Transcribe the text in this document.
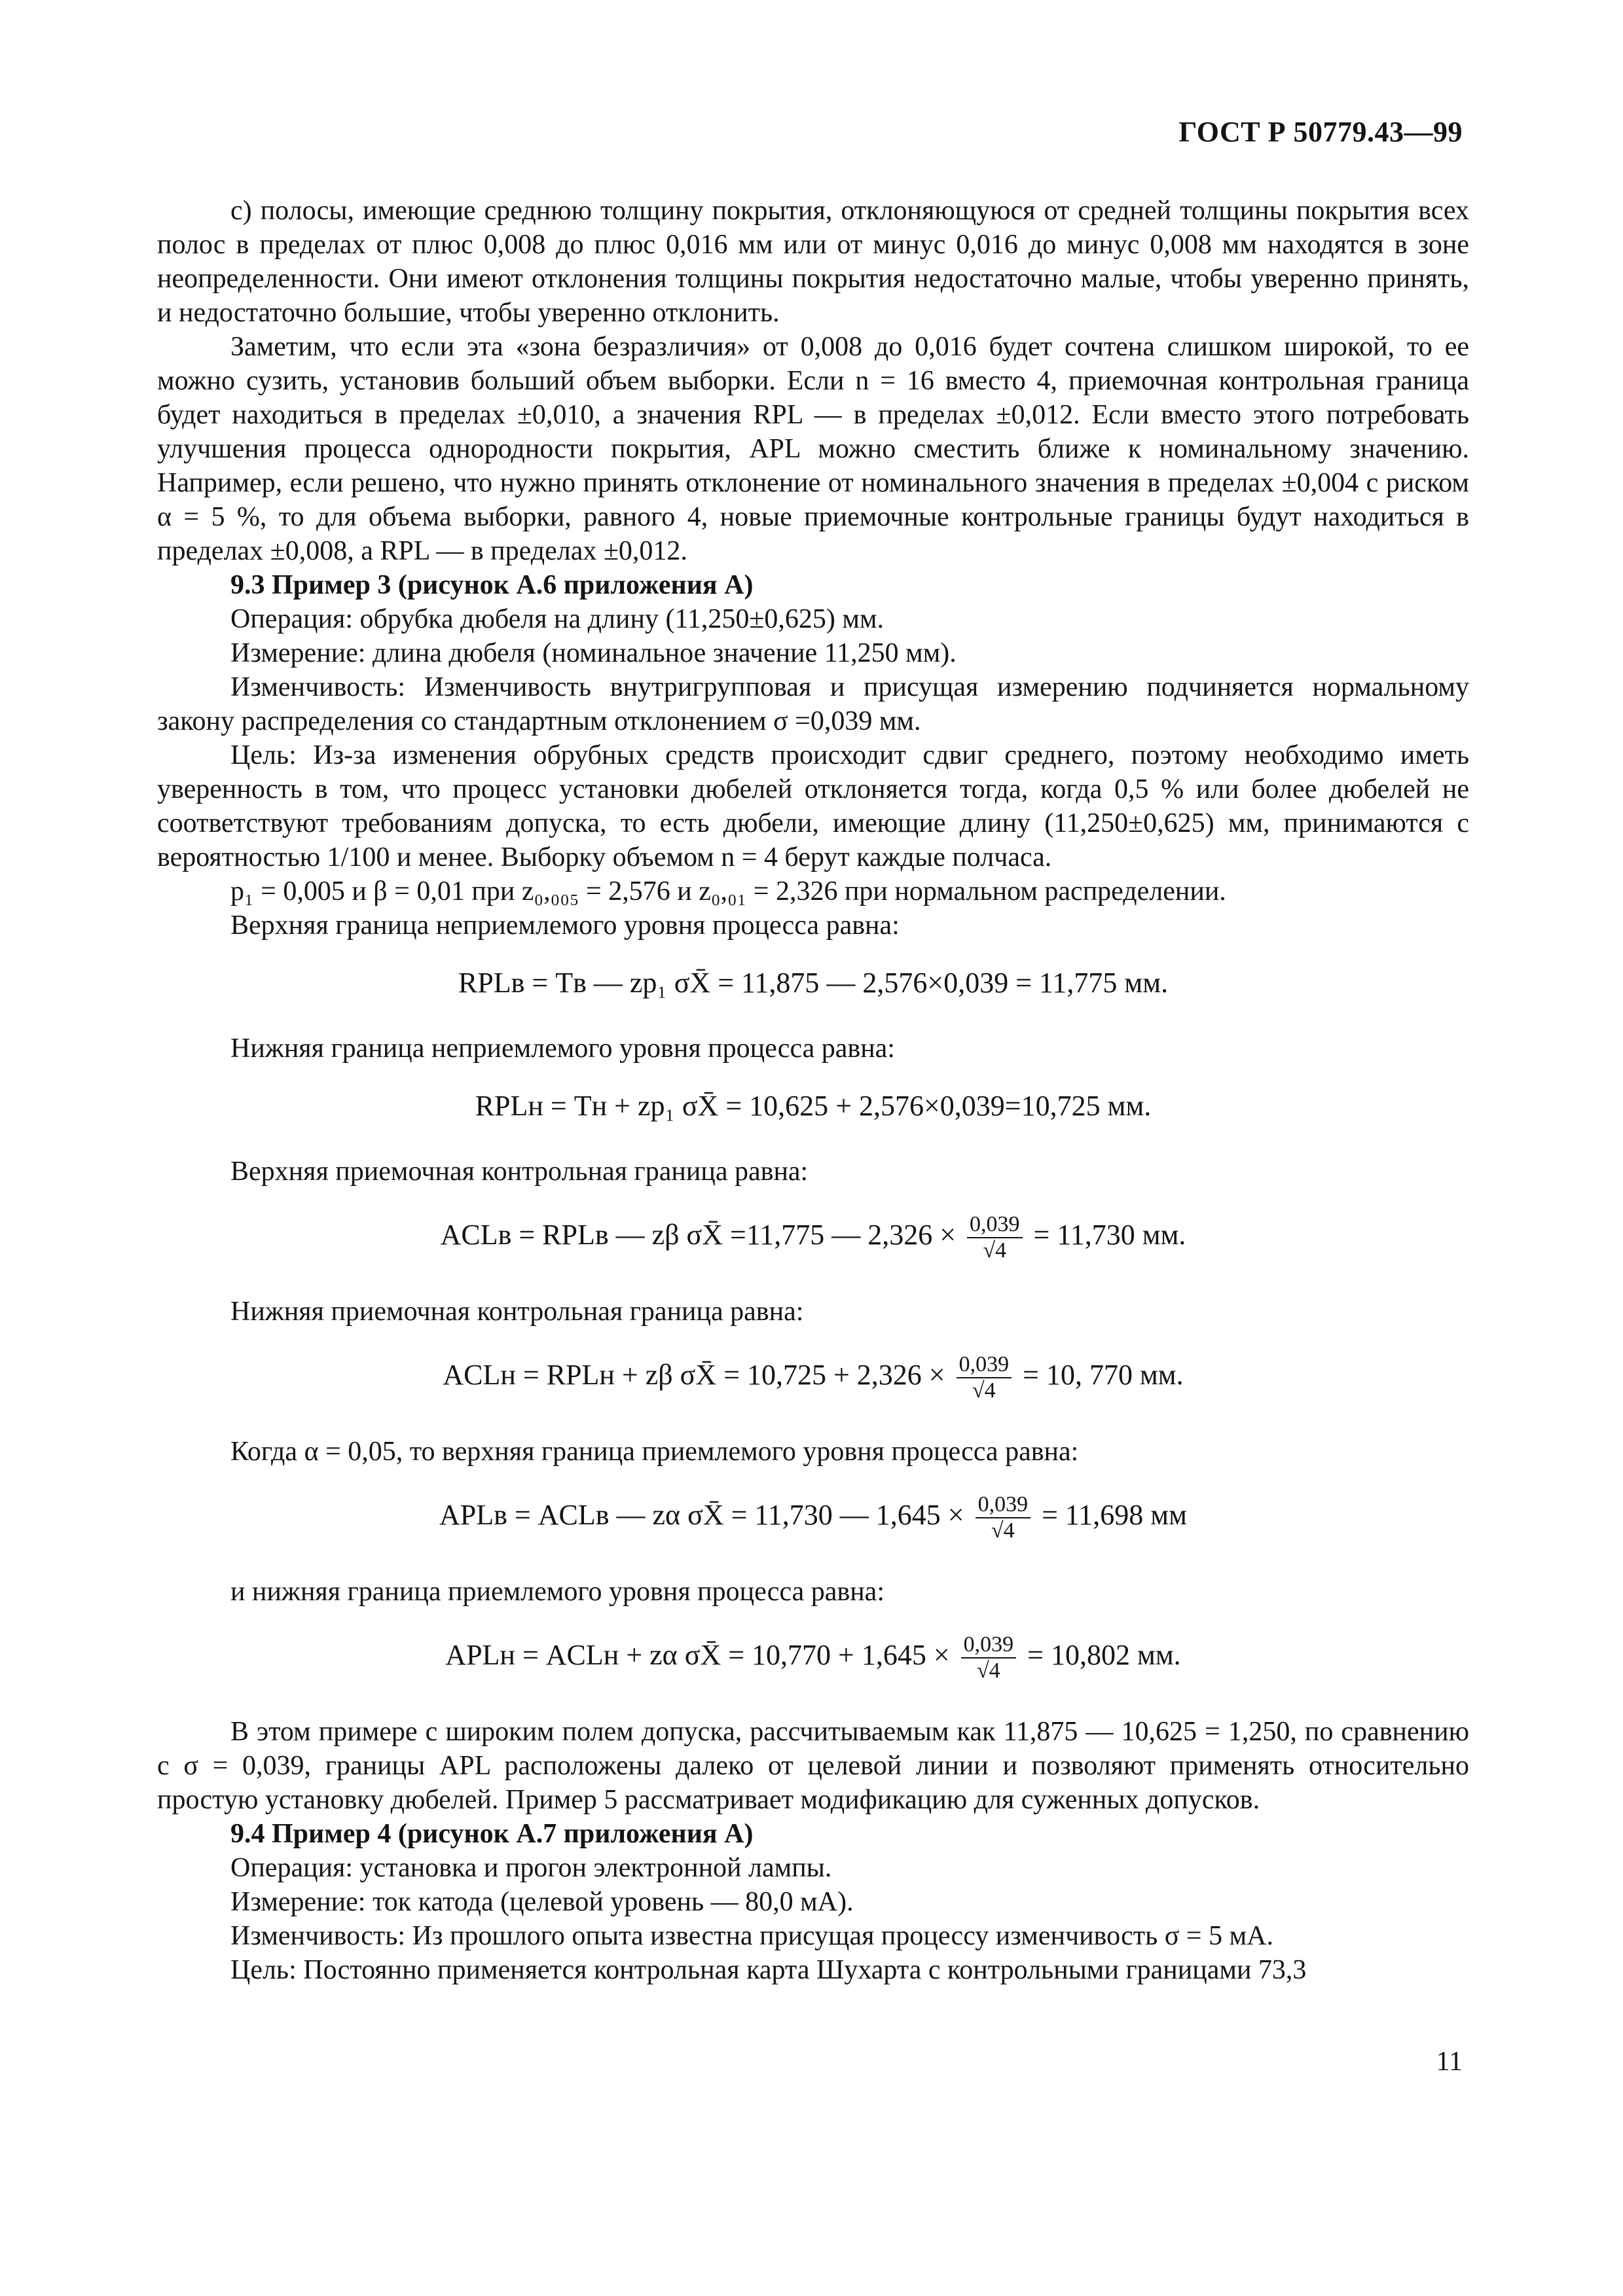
ГОСТ Р 50779.43—99

c) полосы, имеющие среднюю толщину покрытия, отклоняющуюся от средней толщины покрытия всех полос в пределах от плюс 0,008 до плюс 0,016 мм или от минус 0,016 до минус 0,008 мм находятся в зоне неопределенности. Они имеют отклонения толщины покрытия недостаточно малые, чтобы уверенно принять, и недостаточно большие, чтобы уверенно отклонить.

Заметим, что если эта «зона безразличия» от 0,008 до 0,016 будет сочтена слишком широкой, то ее можно сузить, установив больший объем выборки. Если n = 16 вместо 4, приемочная контрольная граница будет находиться в пределах ±0,010, а значения RPL — в пределах ±0,012. Если вместо этого потребовать улучшения процесса однородности покрытия, APL можно сместить ближе к номинальному значению. Например, если решено, что нужно принять отклонение от номинального значения в пределах ±0,004 с риском α = 5 %, то для объема выборки, равного 4, новые приемочные контрольные границы будут находиться в пределах ±0,008, а RPL — в пределах ±0,012.

9.3 Пример 3 (рисунок А.6 приложения А)

Операция: обрубка дюбеля на длину (11,250±0,625) мм.

Измерение: длина дюбеля (номинальное значение 11,250 мм).

Изменчивость: Изменчивость внутригрупповая и присущая измерению подчиняется нормальному закону распределения со стандартным отклонением σ =0,039 мм.

Цель: Из-за изменения обрубных средств происходит сдвиг среднего, поэтому необходимо иметь уверенность в том, что процесс установки дюбелей отклоняется тогда, когда 0,5 % или более дюбелей не соответствуют требованиям допуска, то есть дюбели, имеющие длину (11,250±0,625) мм, принимаются с вероятностью 1/100 и менее. Выборку объемом n = 4 берут каждые полчаса.

p₁ = 0,005 и β = 0,01 при z₀,₀₀₅ = 2,576 и z₀,₀₁ = 2,326 при нормальном распределении.

Верхняя граница неприемлемого уровня процесса равна:

RPLв = Tв — zp₁ σX̄ = 11,875 — 2,576×0,039 = 11,775 мм.

Нижняя граница неприемлемого уровня процесса равна:

RPLн = Tн + zp₁ σX̄ = 10,625 + 2,576×0,039=10,725 мм.

Верхняя приемочная контрольная граница равна:

ACLв = RPLв — zβ σX̄ =11,775 — $2,326 \times \frac{0,039}{√4} = 11,730$ мм.

Нижняя приемочная контрольная граница равна:

ACLн = RPLн + zβ σX̄ = $10,725 + 2,326 \times \frac{0,039}{√4} = 10$, 770 мм.

Когда α = 0,05, то верхняя граница приемлемого уровня процесса равна:

APLв = ACLв — zα σX̄ = 11,730 — $1,645 \times \frac{0,039}{√4} = 11,698$ мм

и нижняя граница приемлемого уровня процесса равна:

APLн = ACLн + zα σX̄ = $10,770 + 1,645 \times \frac{0,039}{√4} = 10,802$ мм.

В этом примере с широким полем допуска, рассчитываемым как 11,875 — 10,625 = 1,250, по сравнению с σ = 0,039, границы APL расположены далеко от целевой линии и позволяют применять относительно простую установку дюбелей. Пример 5 рассматривает модификацию для суженных допусков.

9.4 Пример 4 (рисунок А.7 приложения А)

Операция: установка и прогон электронной лампы.

Измерение: ток катода (целевой уровень — 80,0 мА).

Изменчивость: Из прошлого опыта известна присущая процессу изменчивость σ = 5 мА.

Цель: Постоянно применяется контрольная карта Шухарта с контрольными границами 73,3

11
